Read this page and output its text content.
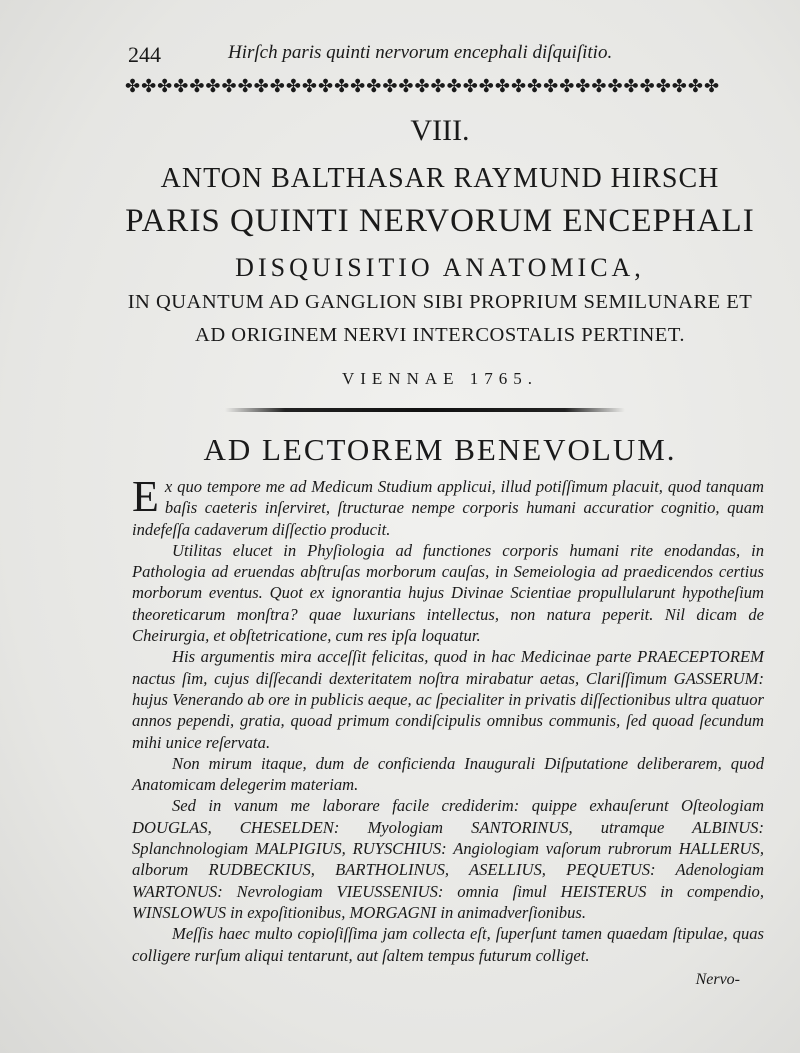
244	Hirſch paris quinti nervorum encephali diſquiſitio.
✤✤✤✤✤✤✤✤✤✤✤✤✤✤✤✤✤✤✤✤✤✤✤✤✤✤✤✤✤✤✤✤✤✤✤✤✤
VIII.
ANTON BALTHASAR RAYMUND HIRSCH
PARIS QUINTI NERVORUM ENCEPHALI
DISQUISITIO ANATOMICA,
IN QUANTUM AD GANGLION SIBI PROPRIUM SEMILUNARE ET
AD ORIGINEM NERVI INTERCOSTALIS PERTINET.
VIENNAE 1765.
AD LECTOREM BENEVOLUM.

Ex quo tempore me ad Medicum Studium applicui, illud potiſſimum placuit, quod tanquam baſis caeteris inſerviret, ſtructurae nempe corporis humani accuratior cognitio, quam indefeſſa cadaverum diſſectio producit.

Utilitas elucet in Phyſiologia ad functiones corporis humani rite enodandas, in Pathologia ad eruendas abſtruſas morborum cauſas, in Semeiologia ad praedicendos certius morborum eventus. Quot ex ignorantia hujus Divinae Scientiae propullularunt hypotheſium theoreticarum monſtra? quae luxurians intellectus, non natura peperit. Nil dicam de Cheirurgia, et obſtetricatione, cum res ipſa loquatur.

His argumentis mira acceſſit felicitas, quod in hac Medicinae parte PRAECEPTOREM nactus ſim, cujus diſſecandi dexteritatem noſtra mirabatur aetas, Clariſſimum GASSERUM: hujus Venerando ab ore in publicis aeque, ac ſpecialiter in privatis diſſectionibus ultra quatuor annos pependi, gratia, quoad primum condiſcipulis omnibus communis, ſed quoad ſecundum mihi unice reſervata.

Non mirum itaque, dum de conficienda Inaugurali Diſputatione deliberarem, quod Anatomicam delegerim materiam.

Sed in vanum me laborare facile crediderim: quippe exhauſerunt Oſteologiam DOUGLAS, CHESELDEN: Myologiam SANTORINUS, utramque ALBINUS: Splanchnologiam MALPIGIUS, RUYSCHIUS: Angiologiam vaſorum rubrorum HALLERUS, alborum RUDBECKIUS, BARTHOLINUS, ASELLIUS, PEQUETUS: Adenologiam WARTONUS: Nevrologiam VIEUSSENIUS: omnia ſimul HEISTERUS in compendio, WINSLOWUS in expoſitionibus, MORGAGNI in animadverſionibus.

Meſſis haec multo copioſiſſima jam collecta eſt, ſuperſunt tamen quaedam ſtipulae, quas colligere rurſum aliqui tentarunt, aut ſaltem tempus futurum colliget.

Nervo-
